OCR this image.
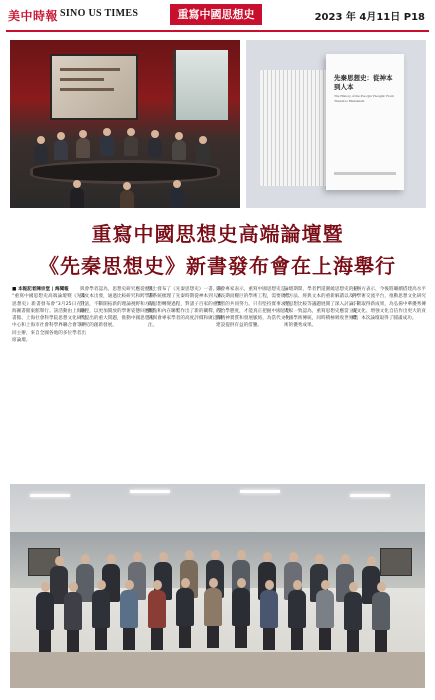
美中時報 SINO US TIMES	重寫中國思想史	2023 年 4月11日 P18
先秦思想史：從神本到人本
The History of the Pre-Qin Thought: From Theism to Humanism
重寫中國思想史高端論壇暨
《先秦思想史》新書發布會在上海舉行
■ 本報記者陳宗堂 | 海聞報
“重寫中國思想史高端論壇暨《先秦思想史》新書發布會”3月25日在上海圖書館東館舉行。該活動由上海圖書館、上海社會科學院思想文化研究中心和上海市社會科學界聯合會等共同主辦，來自全國各地的多位學者出席論壇。
與會學者認為，思想史研究應從歷史與文本出發，通過比較研究和跨學科對話，不斷開拓新的理論視野和方法路徑，以更加開放的學術姿態回應時代提出的重大問題，推動中國思想史研究的創新發展。
會上發布了《先秦思想史》一書。該書系統梳理了先秦時期從神本到人本的思想轉變過程，對諸子百家的重要觀點和內在聯繫作出了新的闡釋，受到與會專家學者的高度評價和廣泛關注。
與會專家表示，重寫中國思想史是一項長期而艱巨的學術工程，需要幾代學者的共同努力。只有堅持實事求是的治學態度，才能真正把握中國思想的精神實質和發展脈絡，為當代文化建設提供有益的借鑒。
論壇期間，學者們還圍繞思想史的研究方法、經典文本的重新解讀以及中西思想比較等議題展開了深入討論。大家一致認為，重寫思想史應當立足中國學術傳統，同時積極吸收世界學術的優秀成果。
主辦方表示，今後將繼續搭建高水平的學術交流平台，推動思想文化研究不斷取得新成果，為弘揚中華優秀傳統文化、增強文化自信作出更大的貢獻。本次論壇取得了圓滿成功。
